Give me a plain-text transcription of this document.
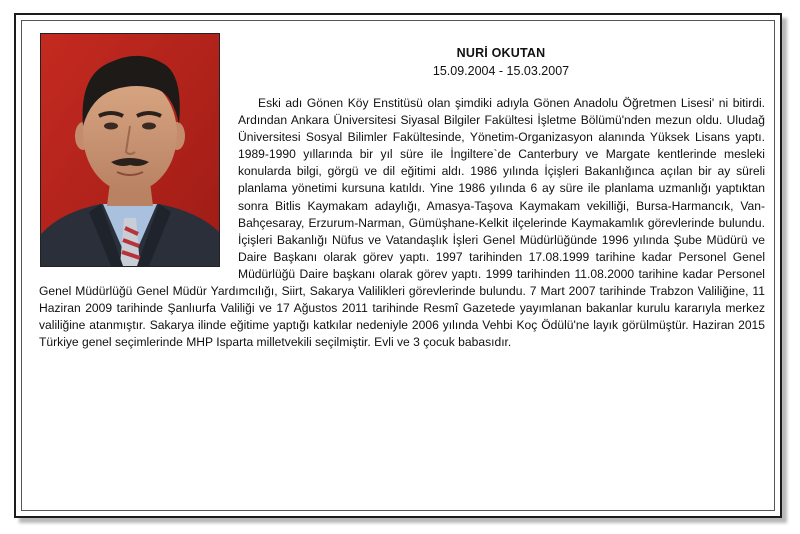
NURİ OKUTAN
15.09.2004 - 15.03.2007
Eski adı Gönen Köy Enstitüsü olan şimdiki adıyla Gönen Anadolu Öğretmen Lisesi' ni bitirdi. Ardından Ankara Üniversitesi Siyasal Bilgiler Fakültesi İşletme Bölümü'nden mezun oldu. Uludağ Üniversitesi Sosyal Bilimler Fakültesinde, Yönetim-Organizasyon alanında Yüksek Lisans yaptı. 1989-1990 yıllarında bir yıl süre ile İngiltere`de Canterbury ve Margate kentlerinde mesleki konularda bilgi, görgü ve dil eğitimi aldı. 1986 yılında İçişleri Bakanlığınca açılan bir ay süreli planlama yönetimi kursuna katıldı. Yine 1986 yılında 6 ay süre ile planlama uzmanlığı yaptıktan sonra Bitlis Kaymakam adaylığı, Amasya-Taşova Kaymakam vekilliği, Bursa-Harmancık, Van-Bahçesaray, Erzurum-Narman, Gümüşhane-Kelkit ilçelerinde Kaymakamlık görevlerinde bulundu. İçişleri Bakanlığı Nüfus ve Vatandaşlık İşleri Genel Müdürlüğünde 1996 yılında Şube Müdürü ve Daire Başkanı olarak görev yaptı. 1997 tarihinden 17.08.1999 tarihine kadar Personel Genel Müdürlüğü Daire başkanı olarak görev yaptı. 1999 tarihinden 11.08.2000 tarihine kadar Personel Genel Müdürlüğü Genel Müdür Yardımcılığı, Siirt, Sakarya Valilikleri görevlerinde bulundu. 7 Mart 2007 tarihinde Trabzon Valiliğine, 11 Haziran 2009 tarihinde Şanlıurfa Valiliği ve 17 Ağustos 2011 tarihinde Resmî Gazetede yayımlanan bakanlar kurulu kararıyla merkez valiliğine atanmıştır. Sakarya ilinde eğitime yaptığı katkılar nedeniyle 2006 yılında Vehbi Koç Ödülü'ne layık görülmüştür. Haziran 2015 Türkiye genel seçimlerinde MHP Isparta milletvekili seçilmiştir. Evli ve 3 çocuk babasıdır.
